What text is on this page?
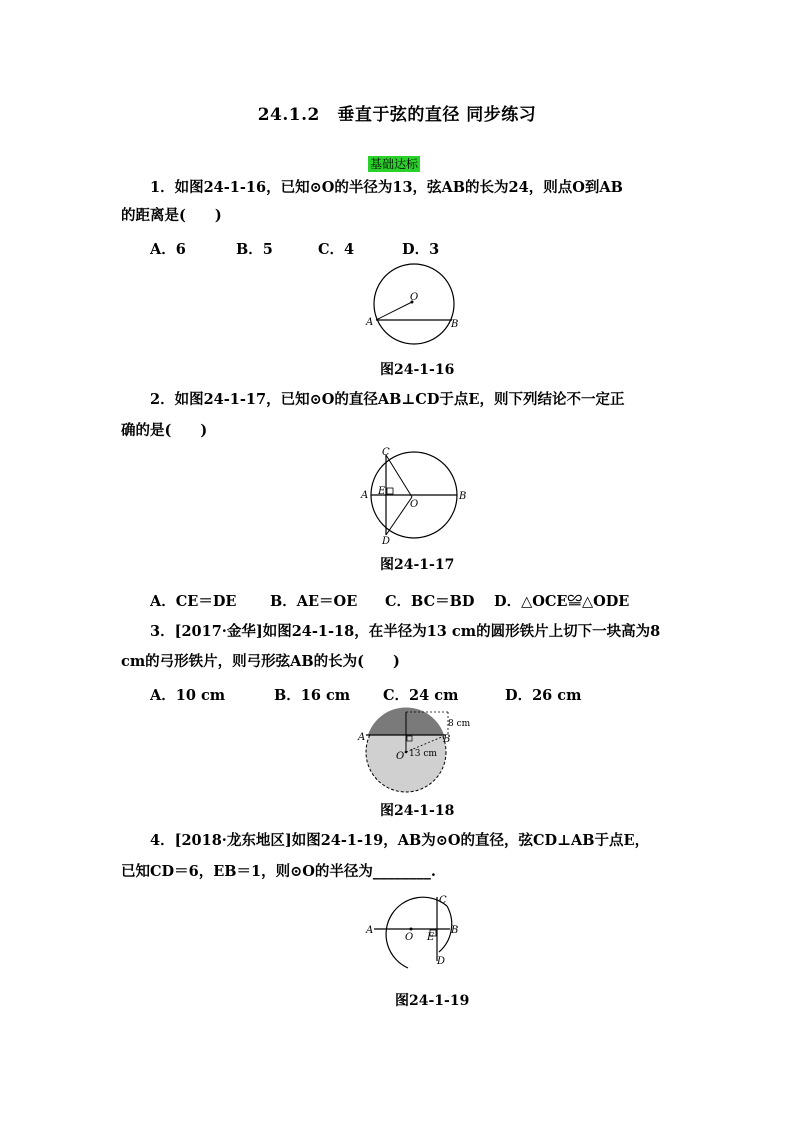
24.1.2　垂直于弦的直径 同步练习
基础达标
1．如图24-1-16，已知⊙O的半径为13，弦AB的长为24，则点O到AB
的距离是(　　)
A．6	B．5	C．4	D．3
O
A	B
图24-1-16
2．如图24-1-17，已知⊙O的直径AB⊥CD于点E，则下列结论不一定正
确的是(　　)
C
A E
O
B
D
图24-1-17
A．CE＝DE B．AE＝OE C．BC＝BD D．△OCE≌△ODE
3．[2017·金华]如图24-1-18，在半径为13 cm的圆形铁片上切下一块高为8
cm的弓形铁片，则弓形弦AB的长为(　　)
A．10 cm	B．16 cm C．24 cm	D．26 cm
A	B
O
8 cm
13 cm
图24-1-18
4．[2018·龙东地区]如图24-1-19，AB为⊙O的直径，弦CD⊥AB于点E，
已知CD＝6，EB＝1，则⊙O的半径为________.
A
O E
B
C
D
图24-1-19
